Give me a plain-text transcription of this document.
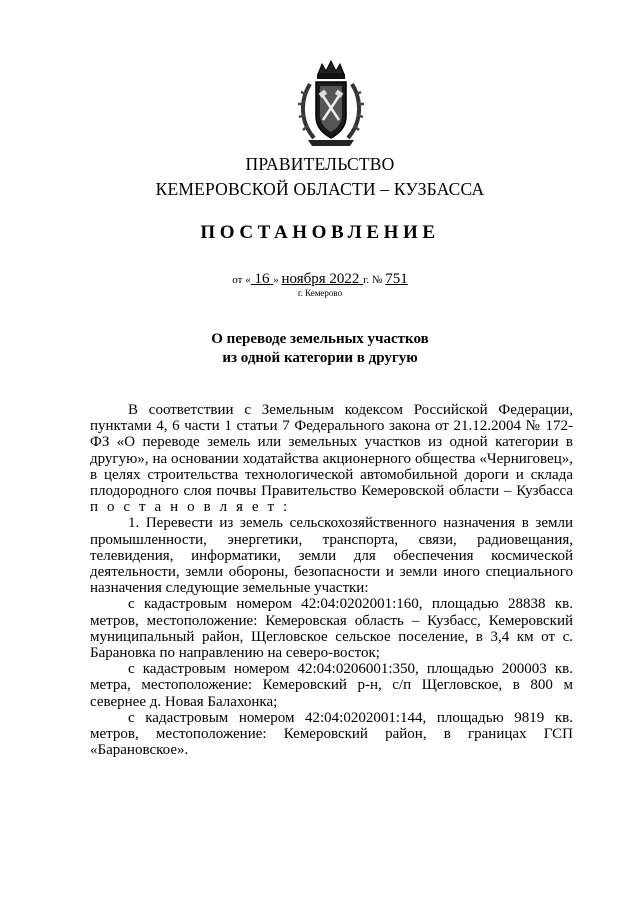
ПРАВИТЕЛЬСТВО
КЕМЕРОВСКОЙ ОБЛАСТИ – КУЗБАССА
ПОСТАНОВЛЕНИЕ
от « 16 » ноября 2022 г. № 751
г. Кемерово
О переводе земельных участков
из одной категории в другую

В соответствии с Земельным кодексом Российской Федерации, пунктами 4, 6 части 1 статьи 7 Федерального закона от 21.12.2004 № 172-ФЗ «О переводе земель или земельных участков из одной категории в другую», на основании ходатайства акционерного общества «Черниговец», в целях строительства технологической автомобильной дороги и склада плодородного слоя почвы Правительство Кемеровской области – Кузбасса п о с т а н о в л я е т :

1. Перевести из земель сельскохозяйственного назначения в земли промышленности, энергетики, транспорта, связи, радиовещания, телевидения, информатики, земли для обеспечения космической деятельности, земли обороны, безопасности и земли иного специального назначения следующие земельные участки:

с кадастровым номером 42:04:0202001:160, площадью 28838 кв. метров, местоположение: Кемеровская область – Кузбасс, Кемеровский муниципальный район, Щегловское сельское поселение, в 3,4 км от с. Барановка по направлению на северо-восток;

с кадастровым номером 42:04:0206001:350, площадью 200003 кв. метра, местоположение: Кемеровский р-н, с/п Щегловское, в 800 м севернее д. Новая Балахонка;

с кадастровым номером 42:04:0202001:144, площадью 9819 кв. метров, местоположение: Кемеровский район, в границах ГСП «Барановское».
